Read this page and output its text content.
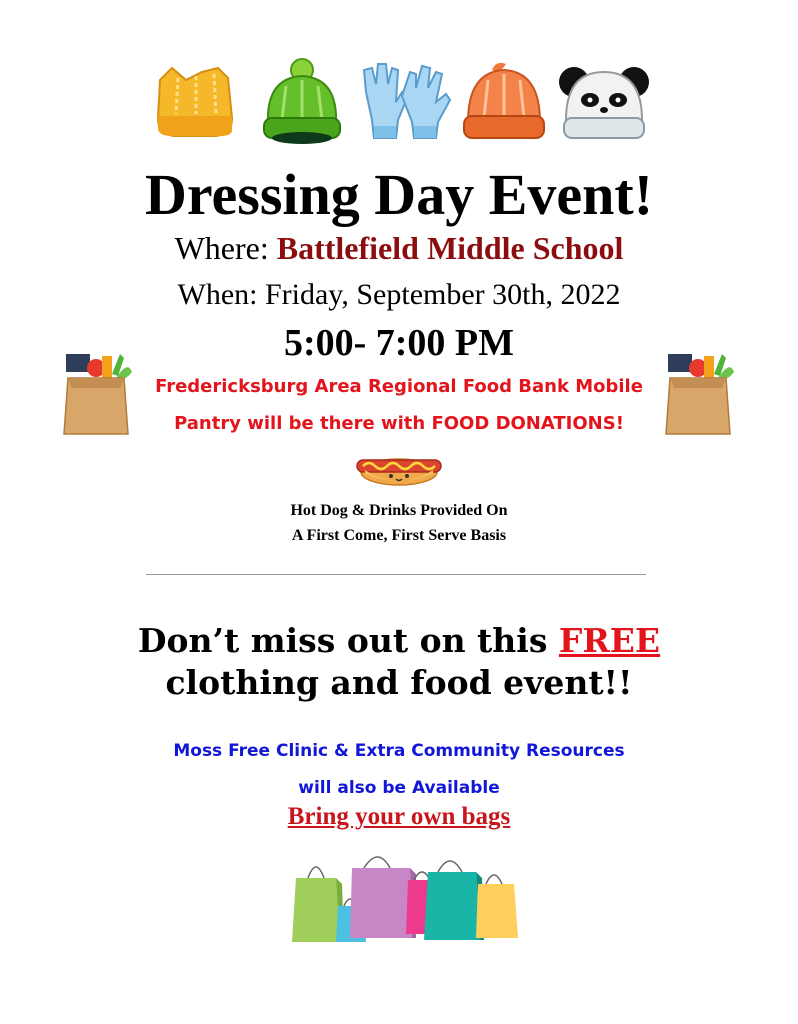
Dressing Day Event!
Where: Battlefield Middle School
When: Friday, September 30th, 2022
5:00- 7:00 PM
Fredericksburg Area Regional Food Bank Mobile
Pantry will be there with FOOD DONATIONS!
Hot Dog & Drinks Provided On
A First Come, First Serve Basis
Don’t miss out on this FREE
clothing and food event!!
Moss Free Clinic & Extra Community Resources
will also be Available
Bring your own bags
